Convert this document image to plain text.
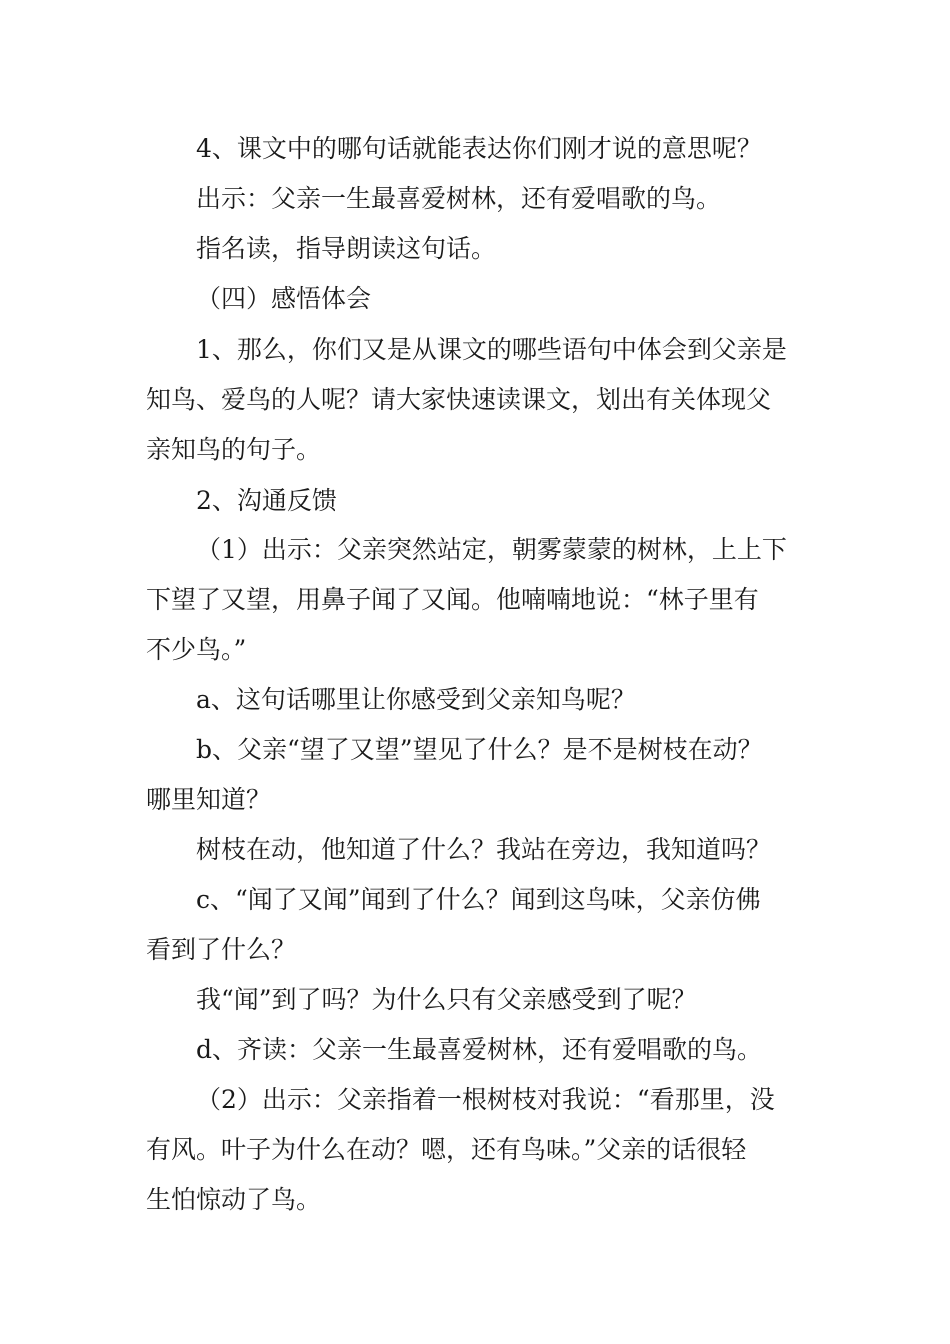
4、课文中的哪句话就能表达你们刚才说的意思呢？
出示：父亲一生最喜爱树林，还有爱唱歌的鸟。
指名读，指导朗读这句话。
（四）感悟体会
1、那么，你们又是从课文的哪些语句中体会到父亲是
知鸟、爱鸟的人呢？请大家快速读课文，划出有关体现父
亲知鸟的句子。
2、沟通反馈
（1）出示：父亲突然站定，朝雾蒙蒙的树林，上上下
下望了又望，用鼻子闻了又闻。他喃喃地说：“林子里有
不少鸟。”
a、这句话哪里让你感受到父亲知鸟呢？
b、父亲“望了又望”望见了什么？是不是树枝在动？
哪里知道？
树枝在动，他知道了什么？我站在旁边，我知道吗？
c、“闻了又闻”闻到了什么？闻到这鸟味，父亲仿佛
看到了什么？
我“闻”到了吗？为什么只有父亲感受到了呢？
d、齐读：父亲一生最喜爱树林，还有爱唱歌的鸟。
（2）出示：父亲指着一根树枝对我说：“看那里，没
有风。叶子为什么在动？嗯，还有鸟味。”父亲的话很轻
生怕惊动了鸟。
